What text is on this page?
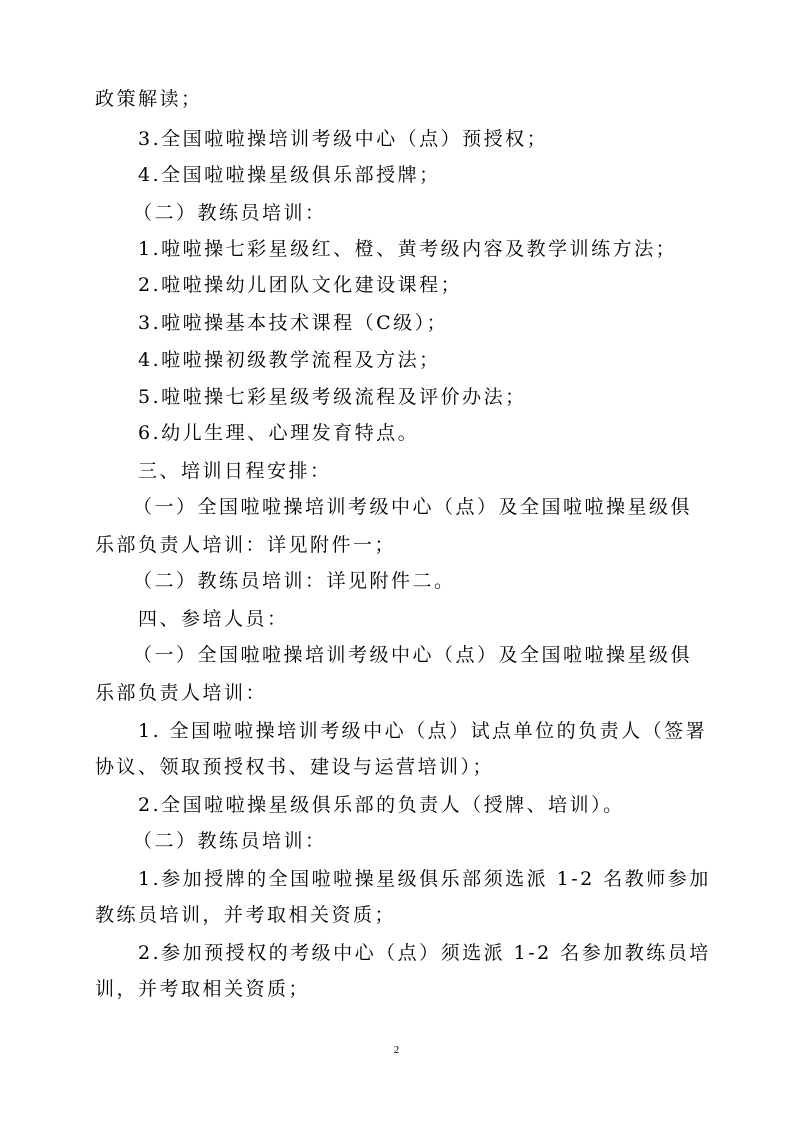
政策解读；
3.全国啦啦操培训考级中心（点）预授权；
4.全国啦啦操星级俱乐部授牌；
（二）教练员培训：
1.啦啦操七彩星级红、橙、黄考级内容及教学训练方法；
2.啦啦操幼儿团队文化建设课程；
3.啦啦操基本技术课程（C级）；
4.啦啦操初级教学流程及方法；
5.啦啦操七彩星级考级流程及评价办法；
6.幼儿生理、心理发育特点。
三、培训日程安排：
（一）全国啦啦操培训考级中心（点）及全国啦啦操星级俱
乐部负责人培训：详见附件一；
（二）教练员培训：详见附件二。
四、参培人员：
（一）全国啦啦操培训考级中心（点）及全国啦啦操星级俱
乐部负责人培训：
1. 全国啦啦操培训考级中心（点）试点单位的负责人（签署
协议、领取预授权书、建设与运营培训）；
2.全国啦啦操星级俱乐部的负责人（授牌、培训）。
（二）教练员培训：
1.参加授牌的全国啦啦操星级俱乐部须选派 1-2 名教师参加
教练员培训，并考取相关资质；
2.参加预授权的考级中心（点）须选派 1-2 名参加教练员培
训，并考取相关资质；
2
